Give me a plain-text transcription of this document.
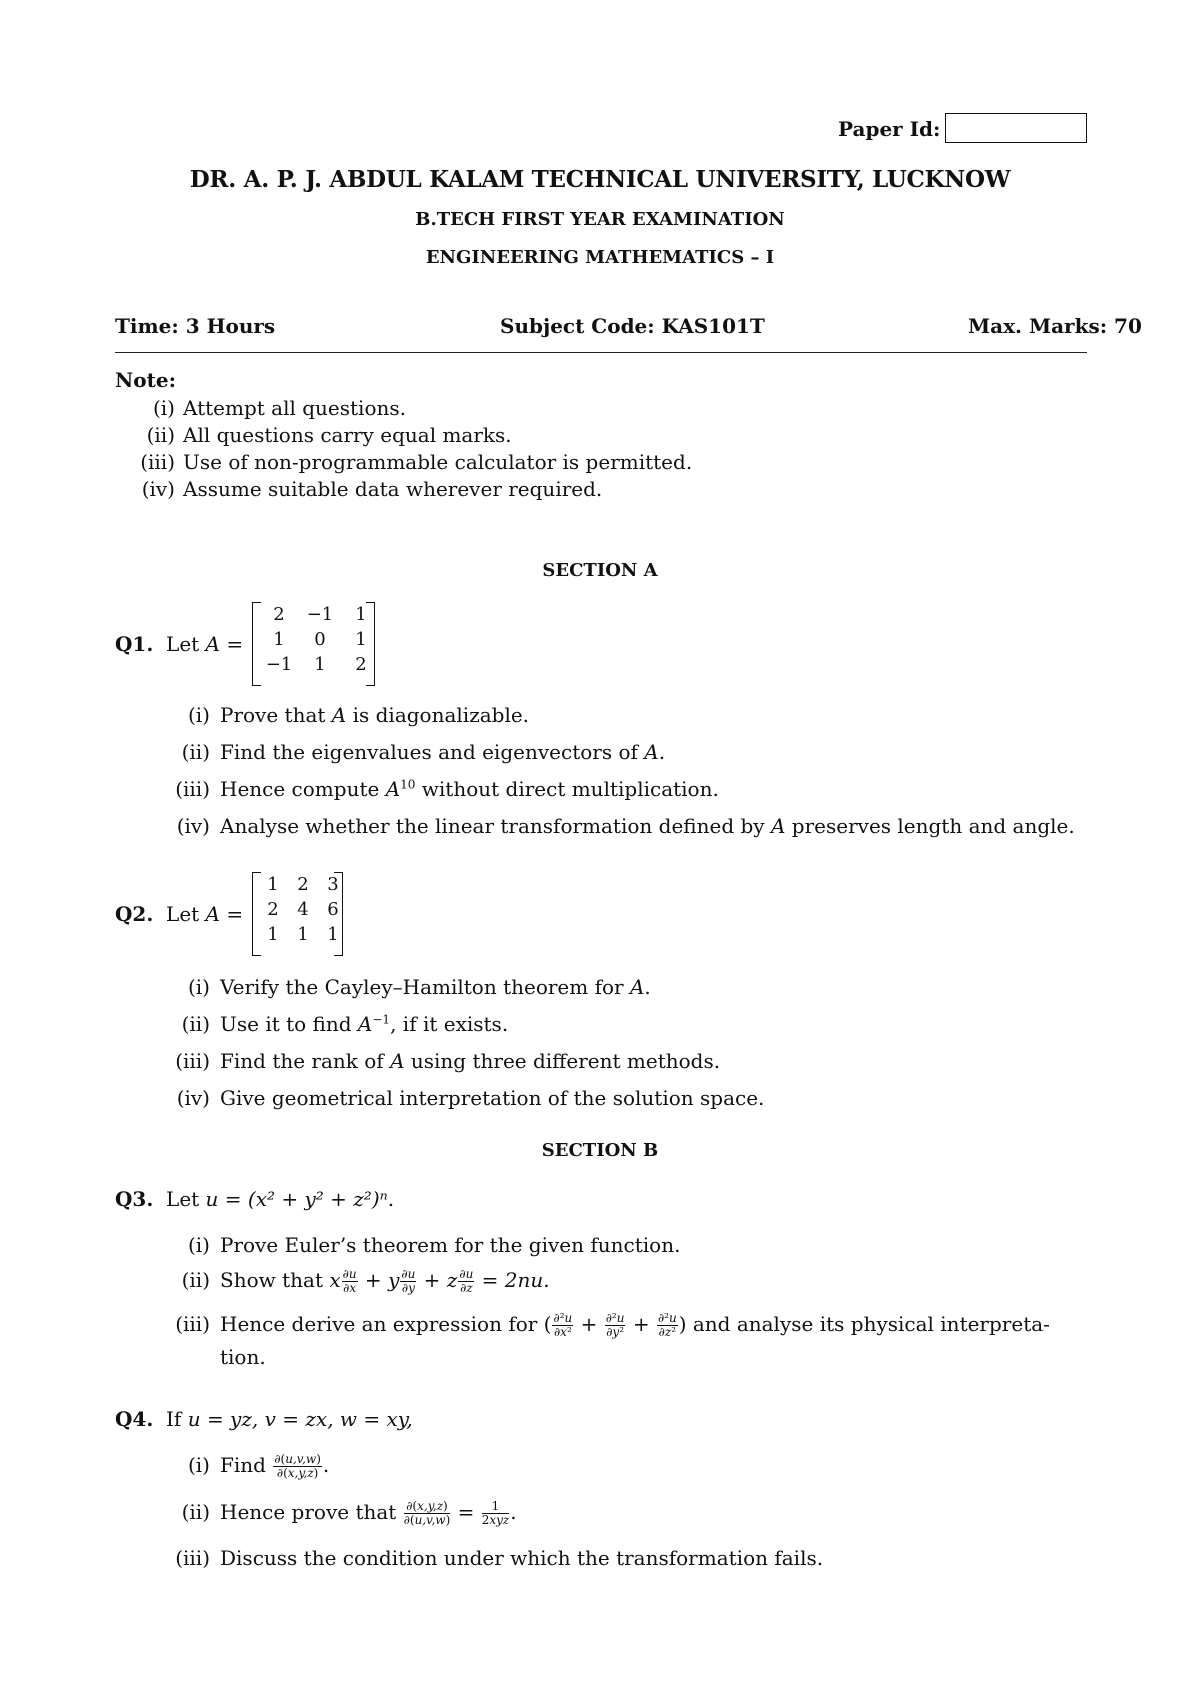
Paper Id:
DR. A. P. J. ABDUL KALAM TECHNICAL UNIVERSITY, LUCKNOW
B.TECH FIRST YEAR EXAMINATION
ENGINEERING MATHEMATICS – I
Time: 3 Hours	Subject Code: KAS101T	Max. Marks: 70
Note:
(i) Attempt all questions.
(ii) All questions carry equal marks.
(iii) Use of non-programmable calculator is permitted.
(iv) Assume suitable data wherever required.
SECTION A
Q1. Let A =
2	−1	1
1	0	1
−1	1	2
(i) Prove that A is diagonalizable.
(ii) Find the eigenvalues and eigenvectors of A.
(iii) Hence compute $A^{10}$ without direct multiplication.
(iv) Analyse whether the linear transformation defined by A preserves length and angle.
Q2. Let A =
1	2	3
2	4	6
1	1	1
(i) Verify the Cayley–Hamilton theorem for A.
(ii) Use it to find $A^{-1}$, if it exists.
(iii) Find the rank of A using three different methods.
(iv) Give geometrical interpretation of the solution space.
SECTION B
Q3. Let u = (x² + y² + z²)ⁿ.
(i) Prove Euler’s theorem for the given function.
(ii) Show that x $\frac{\partial u}{\partial x} + y \frac{\partial u}{\partial y} + z \frac{\partial u}{\partial z} = 2nu$.
(iii) Hence derive an expression for ( $\frac{\text{∂²u}}{\text{∂x²}} + \frac{\text{∂²u}}{\text{∂y²}} + \frac{\text{∂²u}}{\text{∂z²}}$ ) and analyse its physical interpreta-
tion.
Q4. If u = yz, v = zx, w = xy,
(i) Find $\frac{\partial(u,v,w)}{\partial(x,y,z)}$ .
(ii) Hence prove that $\frac{\partial(x,y,z)}{\partial(u,v,w)} = \frac{1}{\text{2xyz}}$ .
(iii) Discuss the condition under which the transformation fails.
